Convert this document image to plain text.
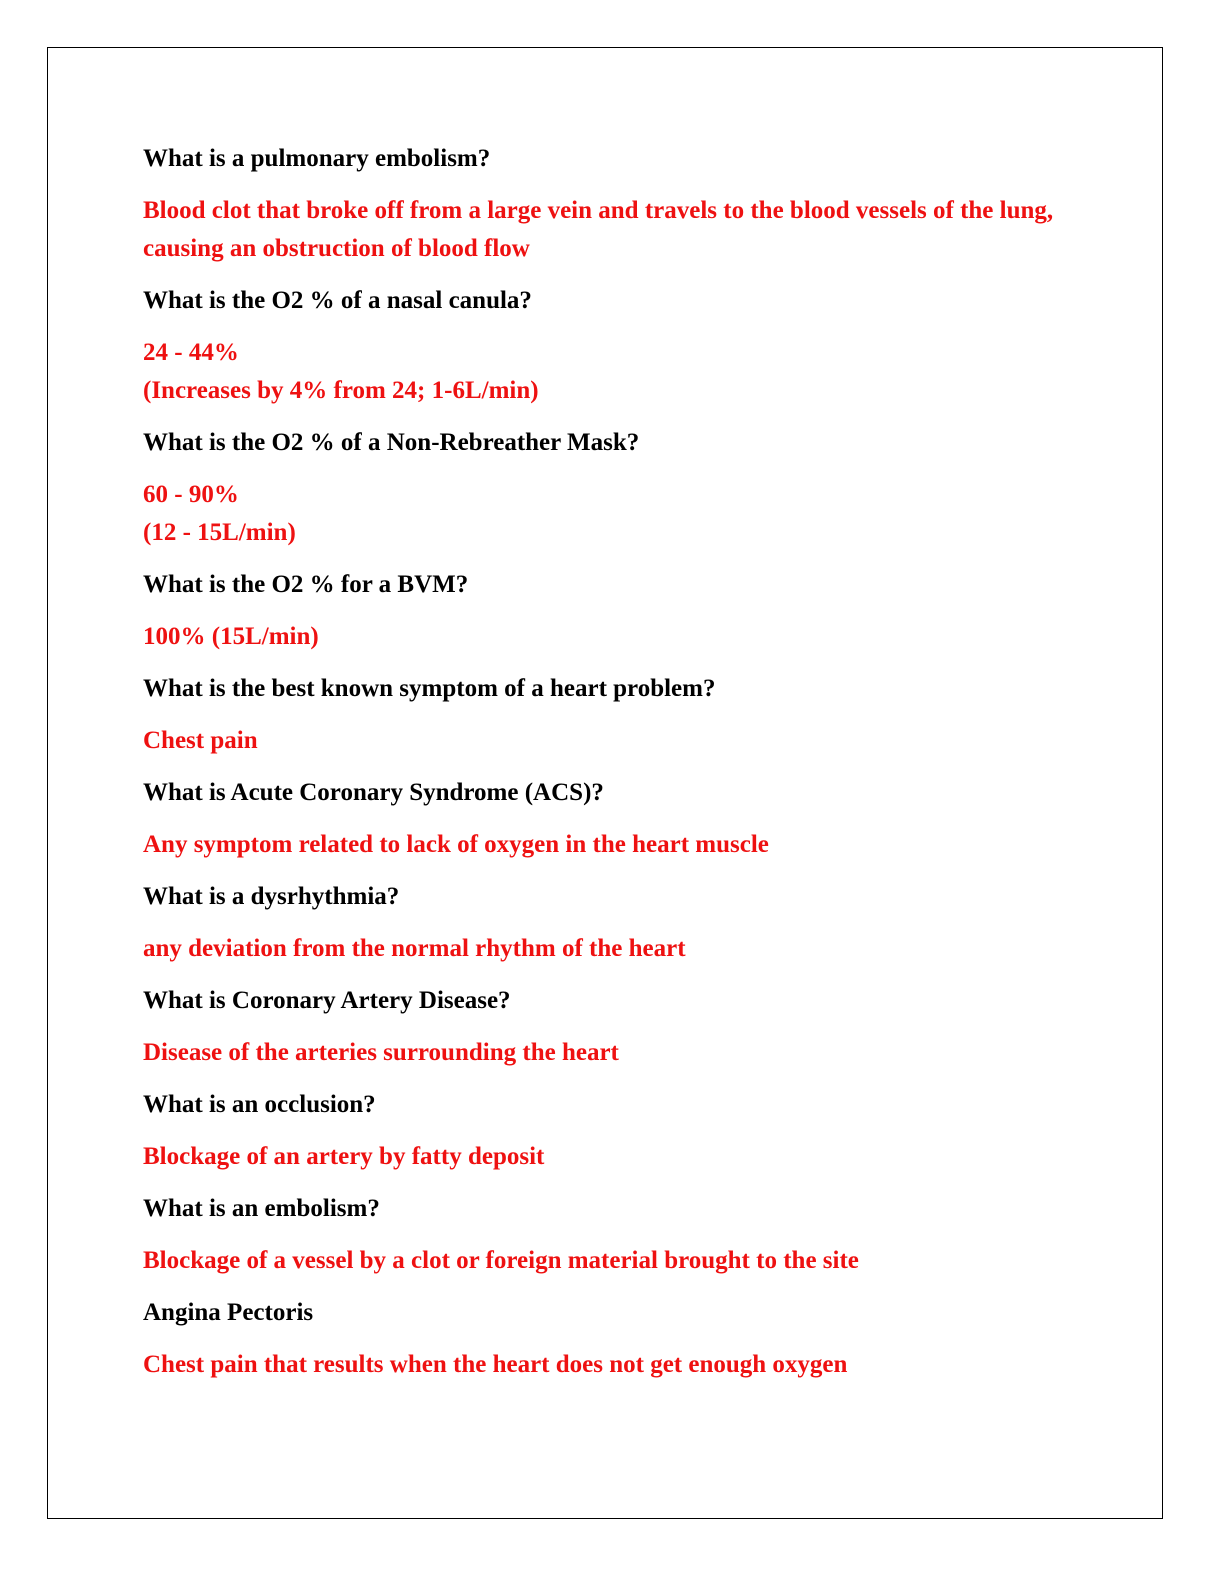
What is a pulmonary embolism?
Blood clot that broke off from a large vein and travels to the blood vessels of the lung, causing an obstruction of blood flow
What is the O2 % of a nasal canula?
24 - 44%
(Increases by 4% from 24; 1-6L/min)
What is the O2 % of a Non-Rebreather Mask?
60 - 90%
(12 - 15L/min)
What is the O2 % for a BVM?
100% (15L/min)
What is the best known symptom of a heart problem?
Chest pain
What is Acute Coronary Syndrome (ACS)?
Any symptom related to lack of oxygen in the heart muscle
What is a dysrhythmia?
any deviation from the normal rhythm of the heart
What is Coronary Artery Disease?
Disease of the arteries surrounding the heart
What is an occlusion?
Blockage of an artery by fatty deposit
What is an embolism?
Blockage of a vessel by a clot or foreign material brought to the site
Angina Pectoris
Chest pain that results when the heart does not get enough oxygen
